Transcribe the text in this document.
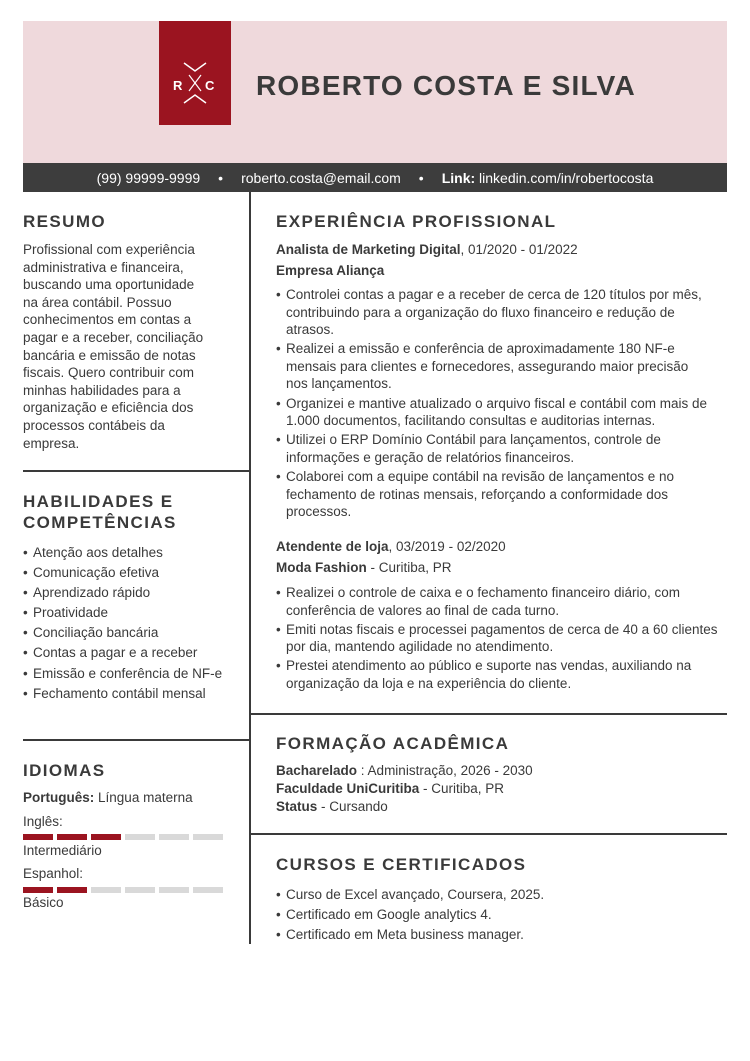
R C ROBERTO COSTA E SILVA
(99) 99999-9999 • roberto.costa@email.com • Link:
linkedin.com/in/robertocosta
RESUMO
Profissional com experiência
administrativa e financeira,
buscando uma oportunidade
na área contábil. Possuo
conhecimentos em contas a
pagar e a receber, conciliação
bancária e emissão de notas
fiscais. Quero contribuir com
minhas habilidades para a
organização e eficiência dos
processos contábeis da
empresa.
HABILIDADES E
COMPETÊNCIAS
• Atenção aos detalhes
• Comunicação efetiva
• Aprendizado rápido
• Proatividade
• Conciliação bancária
• Contas a pagar e a receber
• Emissão e conferência de NF-e
• Fechamento contábil mensal
IDIOMAS
Português: Língua materna
Inglês:
Intermediário
Espanhol:
Básico
EXPERIÊNCIA PROFISSIONAL
Analista de Marketing Digital, 01/2020 - 01/2022
Empresa Aliança
• Controlei contas a pagar e a receber de cerca de 120 títulos por mês,
contribuindo para a organização do fluxo financeiro e redução de
atrasos.
• Realizei a emissão e conferência de aproximadamente 180 NF-e
mensais para clientes e fornecedores, assegurando maior precisão
nos lançamentos.
• Organizei e mantive atualizado o arquivo fiscal e contábil com mais de
1.000 documentos, facilitando consultas e auditorias internas.
• Utilizei o ERP Domínio Contábil para lançamentos, controle de
informações e geração de relatórios financeiros.
• Colaborei com a equipe contábil na revisão de lançamentos e no
fechamento de rotinas mensais, reforçando a conformidade dos
processos.
Atendente de loja, 03/2019 - 02/2020
Moda Fashion - Curitiba, PR
• Realizei o controle de caixa e o fechamento financeiro diário, com
conferência de valores ao final de cada turno.
• Emiti notas fiscais e processei pagamentos de cerca de 40 a 60 clientes
por dia, mantendo agilidade no atendimento.
• Prestei atendimento ao público e suporte nas vendas, auxiliando na
organização da loja e na experiência do cliente.
FORMAÇÃO ACADÊMICA
Bacharelado : Administração, 2026 - 2030
Faculdade UniCuritiba - Curitiba, PR
Status - Cursando
CURSOS E CERTIFICADOS
• Curso de Excel avançado, Coursera, 2025.
• Certificado em Google analytics 4.
• Certificado em Meta business manager.
